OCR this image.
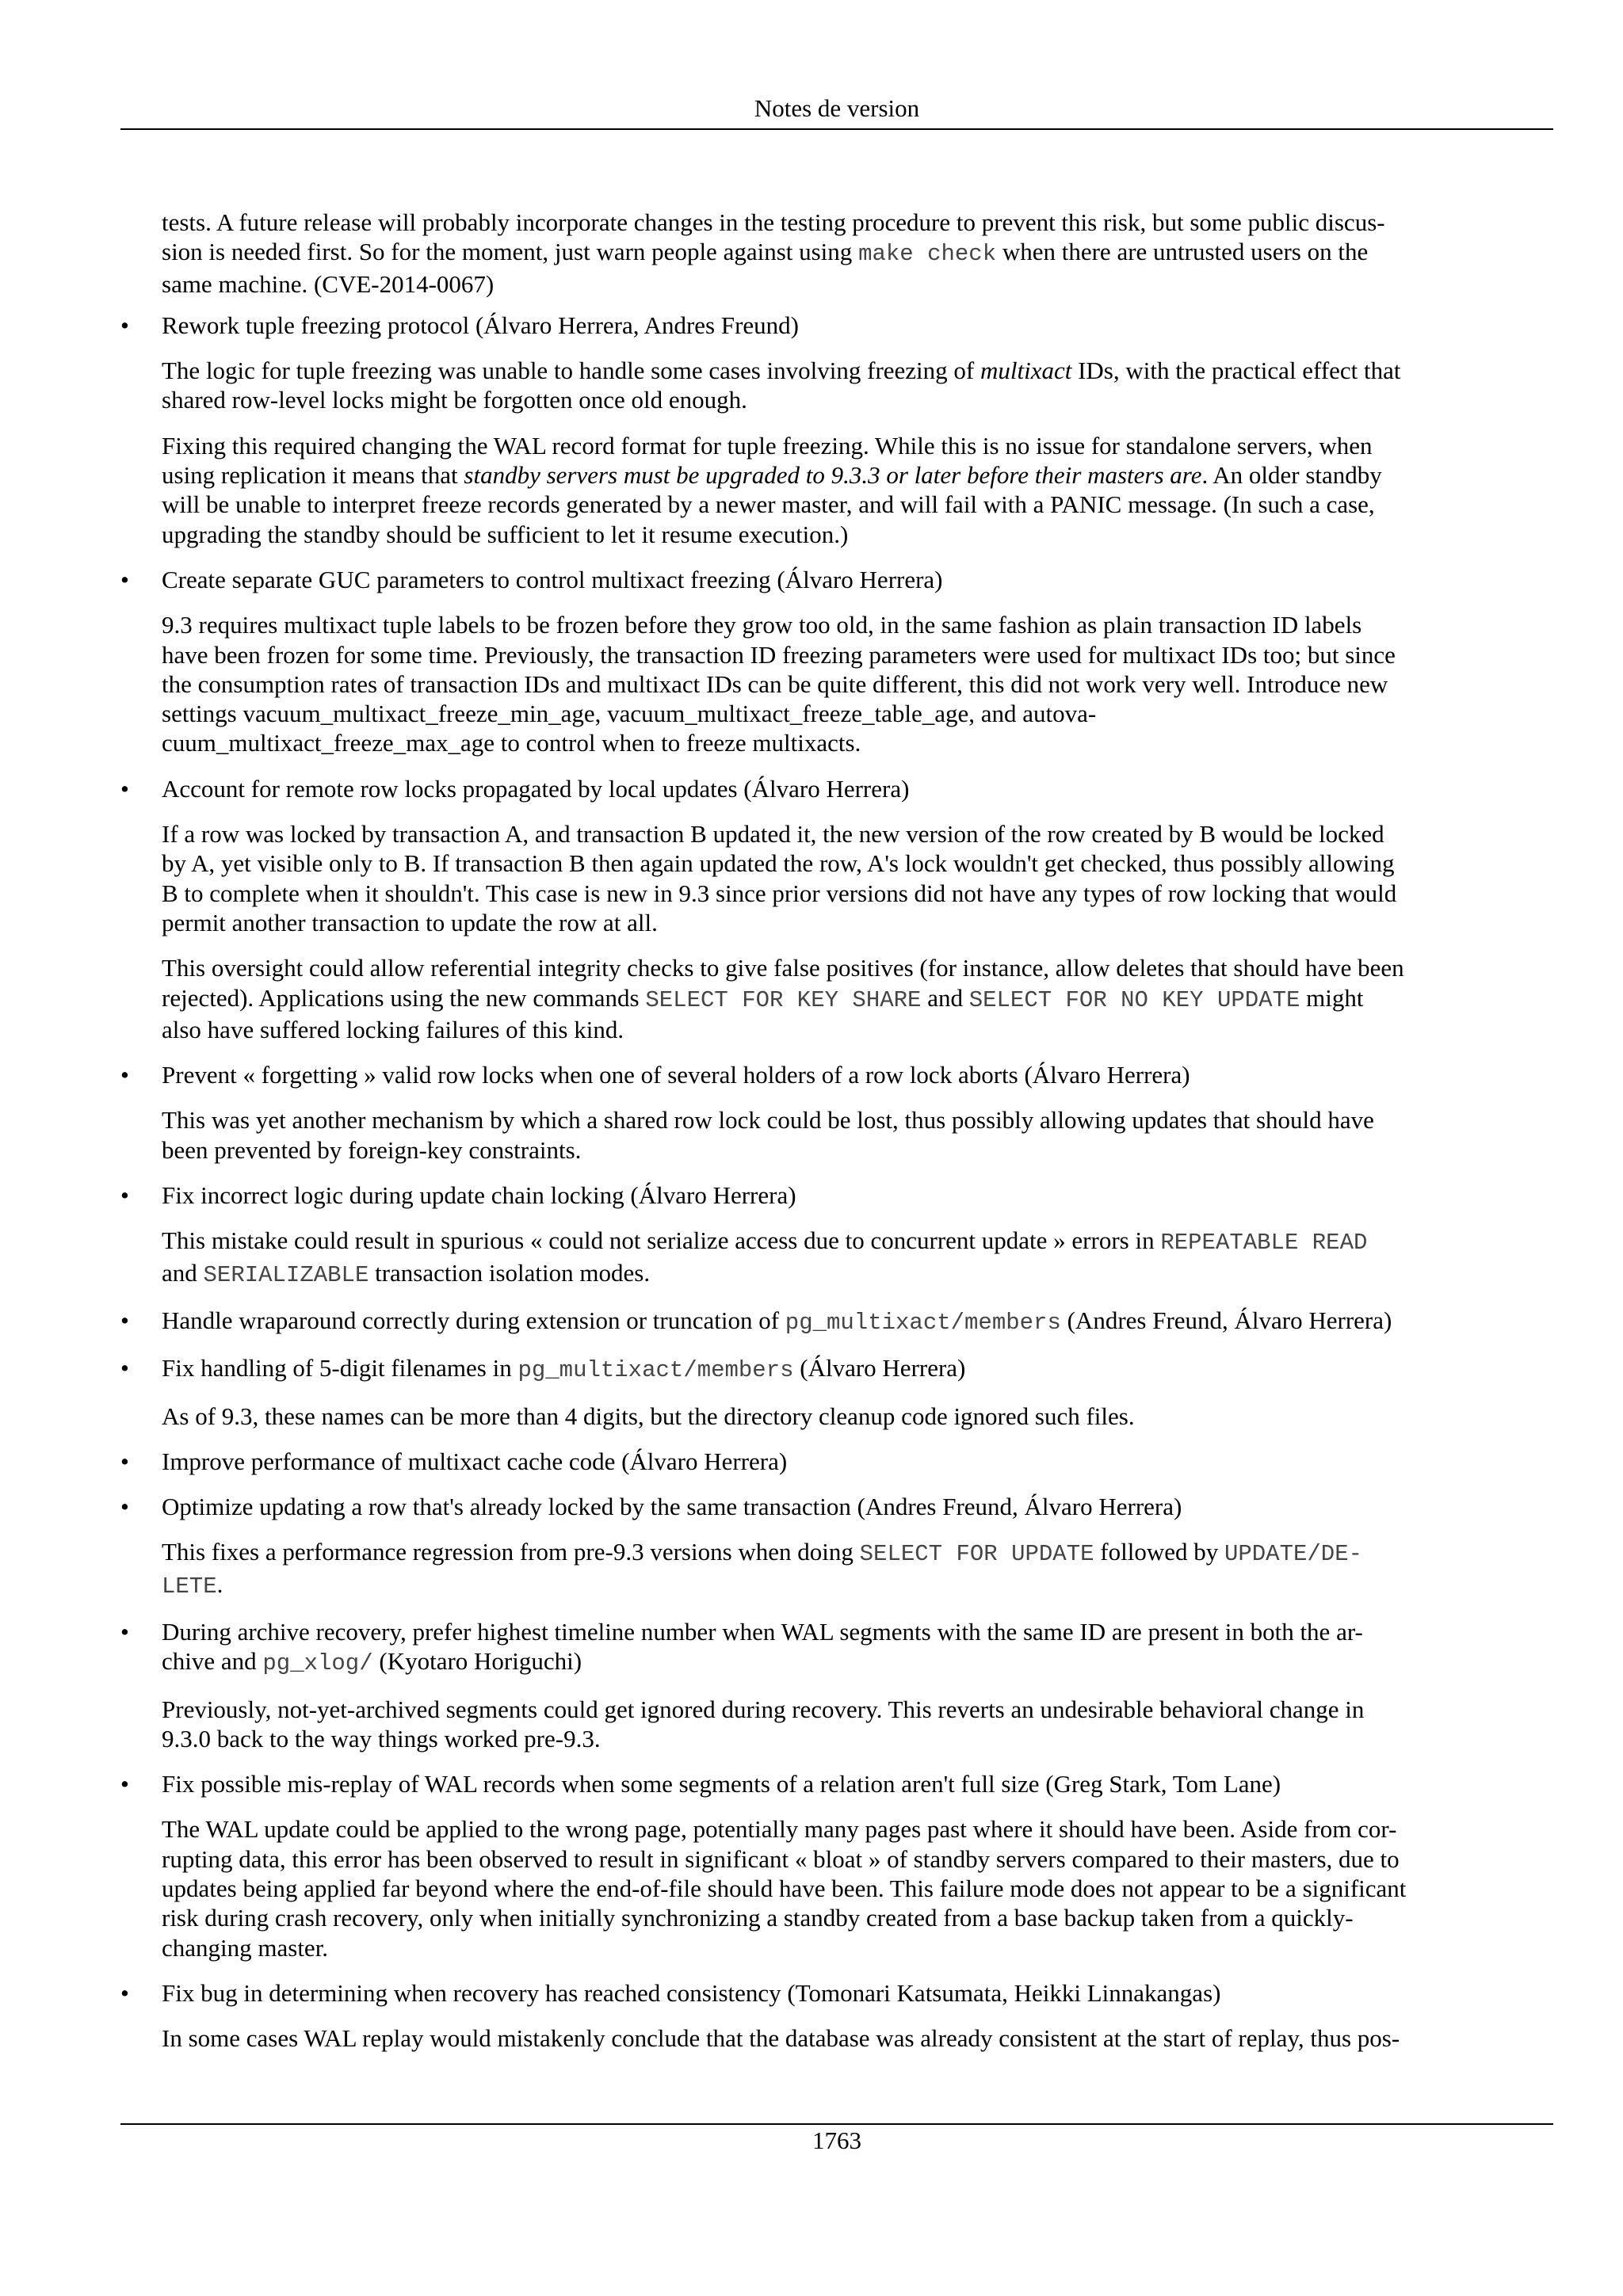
Notes de version

tests. A future release will probably incorporate changes in the testing procedure to prevent this risk, but some public discus-
sion is needed first. So for the moment, just warn people against using make check when there are untrusted users on the
same machine. (CVE-2014-0067)

• Rework tuple freezing protocol (Álvaro Herrera, Andres Freund)

The logic for tuple freezing was unable to handle some cases involving freezing of multixact IDs, with the practical effect that
shared row-level locks might be forgotten once old enough.

Fixing this required changing the WAL record format for tuple freezing. While this is no issue for standalone servers, when
using replication it means that standby servers must be upgraded to 9.3.3 or later before their masters are. An older standby
will be unable to interpret freeze records generated by a newer master, and will fail with a PANIC message. (In such a case,
upgrading the standby should be sufficient to let it resume execution.)

• Create separate GUC parameters to control multixact freezing (Álvaro Herrera)

9.3 requires multixact tuple labels to be frozen before they grow too old, in the same fashion as plain transaction ID labels
have been frozen for some time. Previously, the transaction ID freezing parameters were used for multixact IDs too; but since
the consumption rates of transaction IDs and multixact IDs can be quite different, this did not work very well. Introduce new
settings vacuum_multixact_freeze_min_age, vacuum_multixact_freeze_table_age, and autova-
cuum_multixact_freeze_max_age to control when to freeze multixacts.

• Account for remote row locks propagated by local updates (Álvaro Herrera)

If a row was locked by transaction A, and transaction B updated it, the new version of the row created by B would be locked
by A, yet visible only to B. If transaction B then again updated the row, A's lock wouldn't get checked, thus possibly allowing
B to complete when it shouldn't. This case is new in 9.3 since prior versions did not have any types of row locking that would
permit another transaction to update the row at all.

This oversight could allow referential integrity checks to give false positives (for instance, allow deletes that should have been
rejected). Applications using the new commands SELECT FOR KEY SHARE and SELECT FOR NO KEY UPDATE might
also have suffered locking failures of this kind.

• Prevent « forgetting » valid row locks when one of several holders of a row lock aborts (Álvaro Herrera)

This was yet another mechanism by which a shared row lock could be lost, thus possibly allowing updates that should have
been prevented by foreign-key constraints.

• Fix incorrect logic during update chain locking (Álvaro Herrera)

This mistake could result in spurious « could not serialize access due to concurrent update » errors in REPEATABLE READ
and SERIALIZABLE transaction isolation modes.

• Handle wraparound correctly during extension or truncation of pg_multixact/members (Andres Freund, Álvaro Herrera)

• Fix handling of 5-digit filenames in pg_multixact/members (Álvaro Herrera)

As of 9.3, these names can be more than 4 digits, but the directory cleanup code ignored such files.

• Improve performance of multixact cache code (Álvaro Herrera)

• Optimize updating a row that's already locked by the same transaction (Andres Freund, Álvaro Herrera)

This fixes a performance regression from pre-9.3 versions when doing SELECT FOR UPDATE followed by UPDATE/DE-
LETE.

• During archive recovery, prefer highest timeline number when WAL segments with the same ID are present in both the ar-
chive and pg_xlog/ (Kyotaro Horiguchi)

Previously, not-yet-archived segments could get ignored during recovery. This reverts an undesirable behavioral change in
9.3.0 back to the way things worked pre-9.3.

• Fix possible mis-replay of WAL records when some segments of a relation aren't full size (Greg Stark, Tom Lane)

The WAL update could be applied to the wrong page, potentially many pages past where it should have been. Aside from cor-
rupting data, this error has been observed to result in significant « bloat » of standby servers compared to their masters, due to
updates being applied far beyond where the end-of-file should have been. This failure mode does not appear to be a significant
risk during crash recovery, only when initially synchronizing a standby created from a base backup taken from a quickly-
changing master.

• Fix bug in determining when recovery has reached consistency (Tomonari Katsumata, Heikki Linnakangas)

In some cases WAL replay would mistakenly conclude that the database was already consistent at the start of replay, thus pos-

1763
